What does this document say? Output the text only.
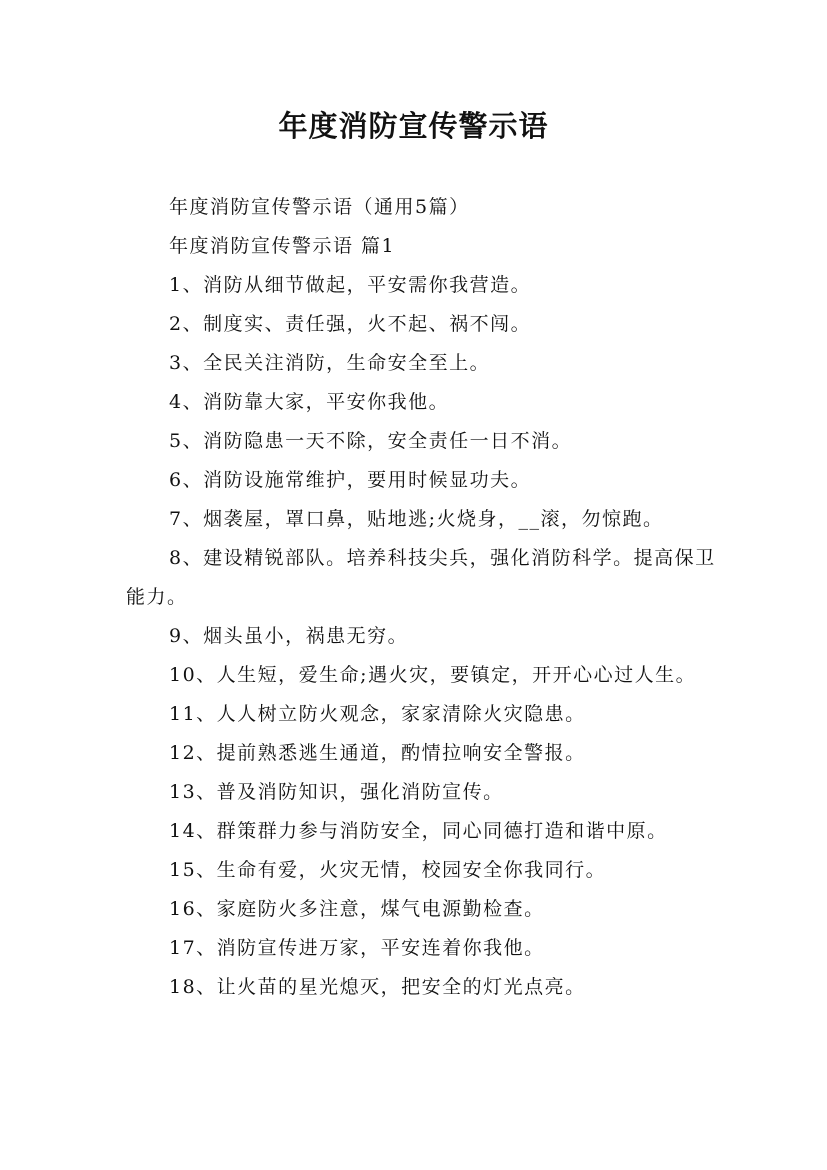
年度消防宣传警示语

年度消防宣传警示语（通用5篇）

年度消防宣传警示语 篇1

1、消防从细节做起，平安需你我营造。

2、制度实、责任强，火不起、祸不闯。

3、全民关注消防，生命安全至上。

4、消防靠大家，平安你我他。

5、消防隐患一天不除，安全责任一日不消。

6、消防设施常维护，要用时候显功夫。

7、烟袭屋，罩口鼻，贴地逃;火烧身，__滚，勿惊跑。

8、建设精锐部队。培养科技尖兵，强化消防科学。提高保卫能力。

9、烟头虽小，祸患无穷。

10、人生短，爱生命;遇火灾，要镇定，开开心心过人生。

11、人人树立防火观念，家家清除火灾隐患。

12、提前熟悉逃生通道，酌情拉响安全警报。

13、普及消防知识，强化消防宣传。

14、群策群力参与消防安全，同心同德打造和谐中原。

15、生命有爱，火灾无情，校园安全你我同行。

16、家庭防火多注意，煤气电源勤检查。

17、消防宣传进万家，平安连着你我他。

18、让火苗的星光熄灭，把安全的灯光点亮。
